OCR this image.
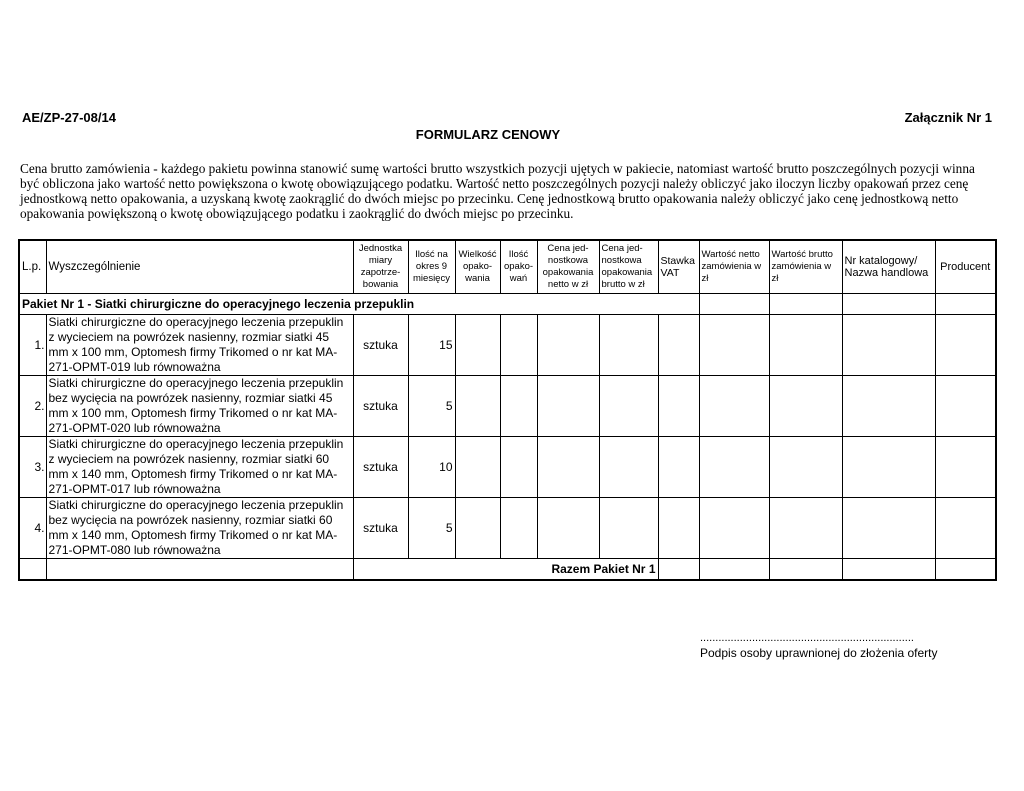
AE/ZP-27-08/14	Załącznik Nr 1
FORMULARZ CENOWY
Cena brutto zamówienia - każdego pakietu powinna stanowić sumę wartości brutto wszystkich pozycji ujętych w pakiecie, natomiast wartość brutto poszczególnych pozycji winna być obliczona jako wartość netto powiększona o kwotę obowiązującego podatku. Wartość netto poszczególnych pozycji należy obliczyć jako iloczyn liczby opakowań przez cenę jednostkową netto opakowania, a uzyskaną kwotę zaokrąglić do dwóch miejsc po przecinku. Cenę jednostkową brutto opakowania należy obliczyć jako cenę jednostkową netto opakowania powiększoną o kwotę obowiązującego podatku i zaokrąglić do dwóch miejsc po przecinku.
L.p.	Wyszczególnienie	Jednostka miary zapotrze-bowania	Ilość na okres 9 miesięcy	Wielkość opako-wania	Ilość opako-wań	Cena jed-nostkowa opakowania netto w zł	Cena jed-nostkowa opakowania brutto w zł	Stawka VAT	Wartość netto zamówienia w zł	Wartość brutto zamówienia w zł	Nr katalogowy/ Nazwa handlowa	Producent
Pakiet Nr 1 - Siatki chirurgiczne do operacyjnego leczenia przepuklin												
1.	Siatki chirurgiczne do operacyjnego leczenia przepuklin z wycieciem na powrózek nasienny, rozmiar siatki 45 mm x 100 mm, Optomesh firmy Trikomed o nr kat MA-271-OPMT-019 lub równoważna	sztuka	15									
2.	Siatki chirurgiczne do operacyjnego leczenia przepuklin bez wycięcia na powrózek nasienny, rozmiar siatki 45 mm x 100 mm, Optomesh firmy Trikomed o nr kat MA-271-OPMT-020 lub równoważna	sztuka	5									
3.	Siatki chirurgiczne do operacyjnego leczenia przepuklin z wycieciem na powrózek nasienny, rozmiar siatki 60 mm x 140 mm, Optomesh firmy Trikomed o nr kat MA-271-OPMT-017 lub równoważna	sztuka	10									
4.	Siatki chirurgiczne do operacyjnego leczenia przepuklin bez wycięcia na powrózek nasienny, rozmiar siatki 60 mm x 140 mm, Optomesh firmy Trikomed o nr kat MA-271-OPMT-080 lub równoważna	sztuka	5									
		Razem Pakiet Nr 1										
......................................................................
Podpis osoby uprawnionej do złożenia oferty
